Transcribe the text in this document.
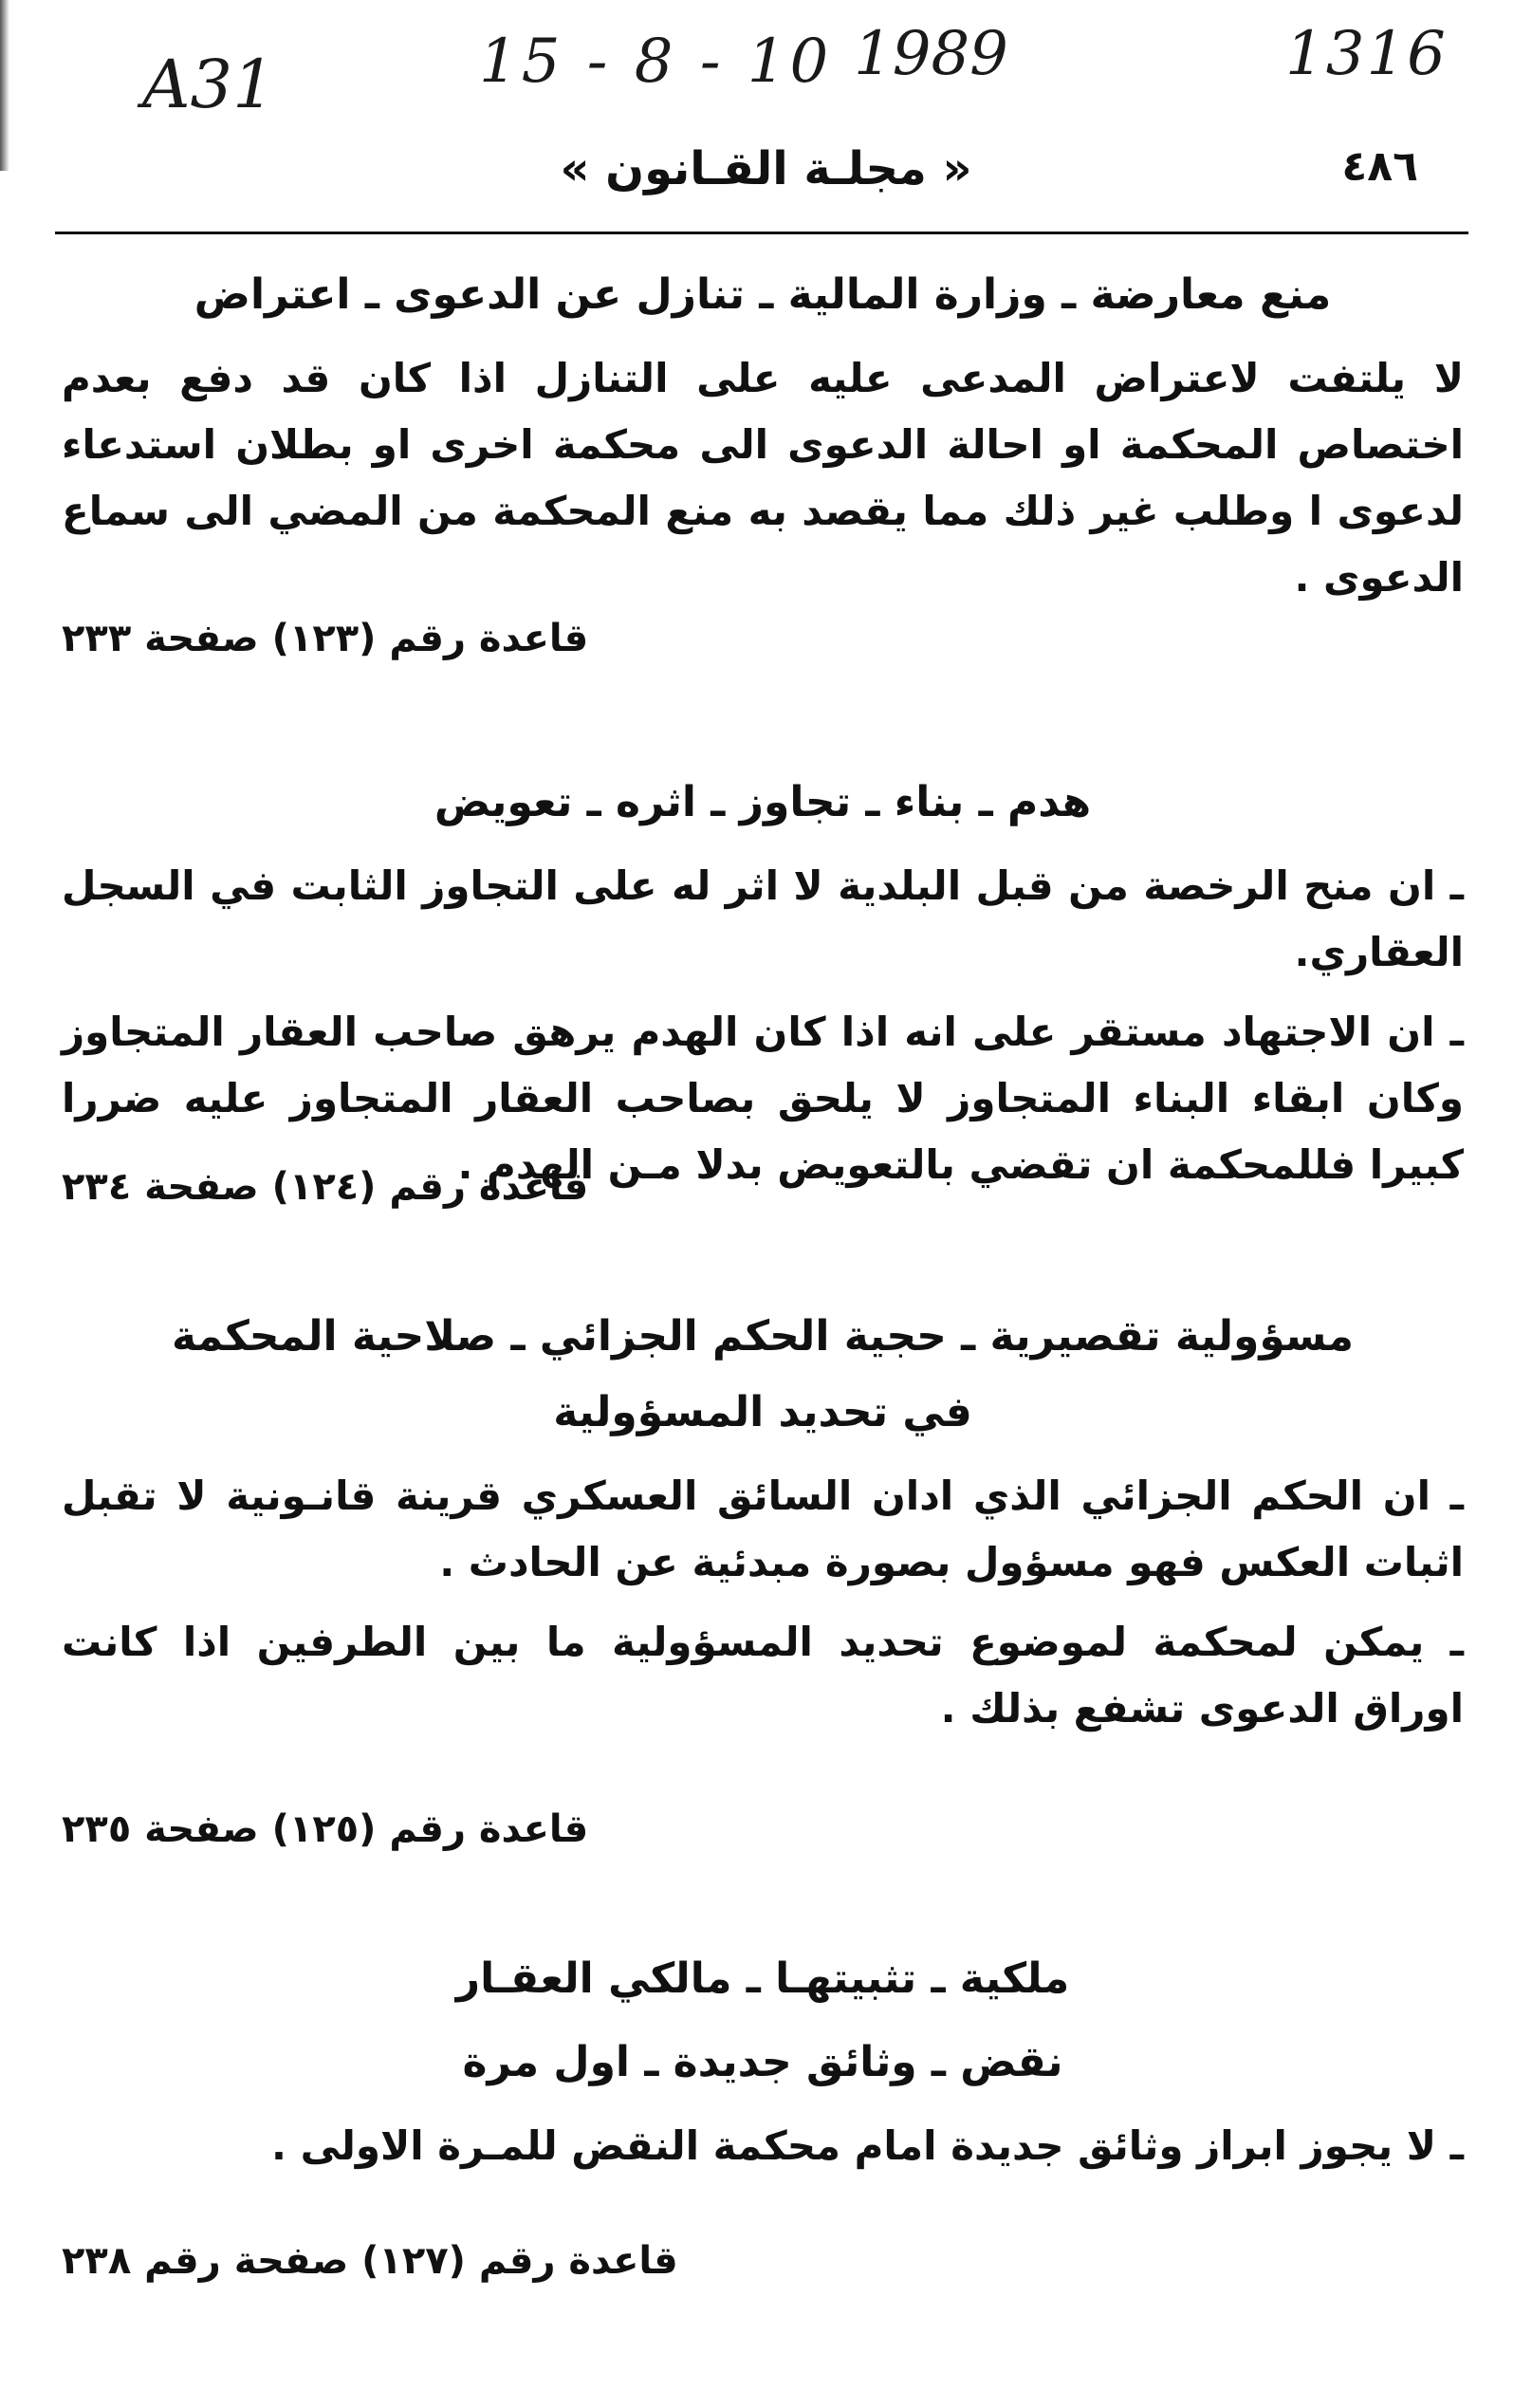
A31	15 - 8 - 10 1989	1316
٤٨٦
« مجلـة القـانون »
منع معارضة ـ وزارة المالية ـ تنازل عن الدعوى ـ اعتراض

لا يلتفت لاعتراض المدعى عليه على التنازل اذا كان قد دفع بعدم اختصاص المحكمة او احالة الدعوى الى محكمة اخرى او بطلان استدعاء لدعوى ا وطلب غير ذلك مما يقصد به منع المحكمة من المضي الى سماع الدعوى .

قاعدة رقم (١٢٣) صفحة ٢٣٣
هدم ـ بناء ـ تجاوز ـ اثره ـ تعويض

ـ ان منح الرخصة من قبل البلدية لا اثر له على التجاوز الثابت في السجل العقاري.

ـ ان الاجتهاد مستقر على انه اذا كان الهدم يرهق صاحب العقار المتجاوز وكان ابقاء البناء المتجاوز لا يلحق بصاحب العقار المتجاوز عليه ضررا كبيرا فللمحكمة ان تقضي بالتعويض بدلا مـن الهدم .

قاعدة رقم (١٢٤) صفحة ٢٣٤
مسؤولية تقصيرية ـ حجية الحكم الجزائي ـ صلاحية المحكمة
في تحديد المسؤولية

ـ ان الحكم الجزائي الذي ادان السائق العسكري قرينة قانـونية لا تقبل اثبات العكس فهو مسؤول بصورة مبدئية عن الحادث .

ـ يمكن لمحكمة لموضوع تحديد المسؤولية ما بين الطرفين اذا كانت اوراق الدعوى تشفع بذلك .

قاعدة رقم (١٢٥) صفحة ٢٣٥
ملكية ـ تثبيتهـا ـ مالكي العقـار
نقض ـ وثائق جديدة ـ اول مرة

ـ لا يجوز ابراز وثائق جديدة امام محكمة النقض للمـرة الاولى .

قاعدة رقم (١٢٧) صفحة رقم ٢٣٨
